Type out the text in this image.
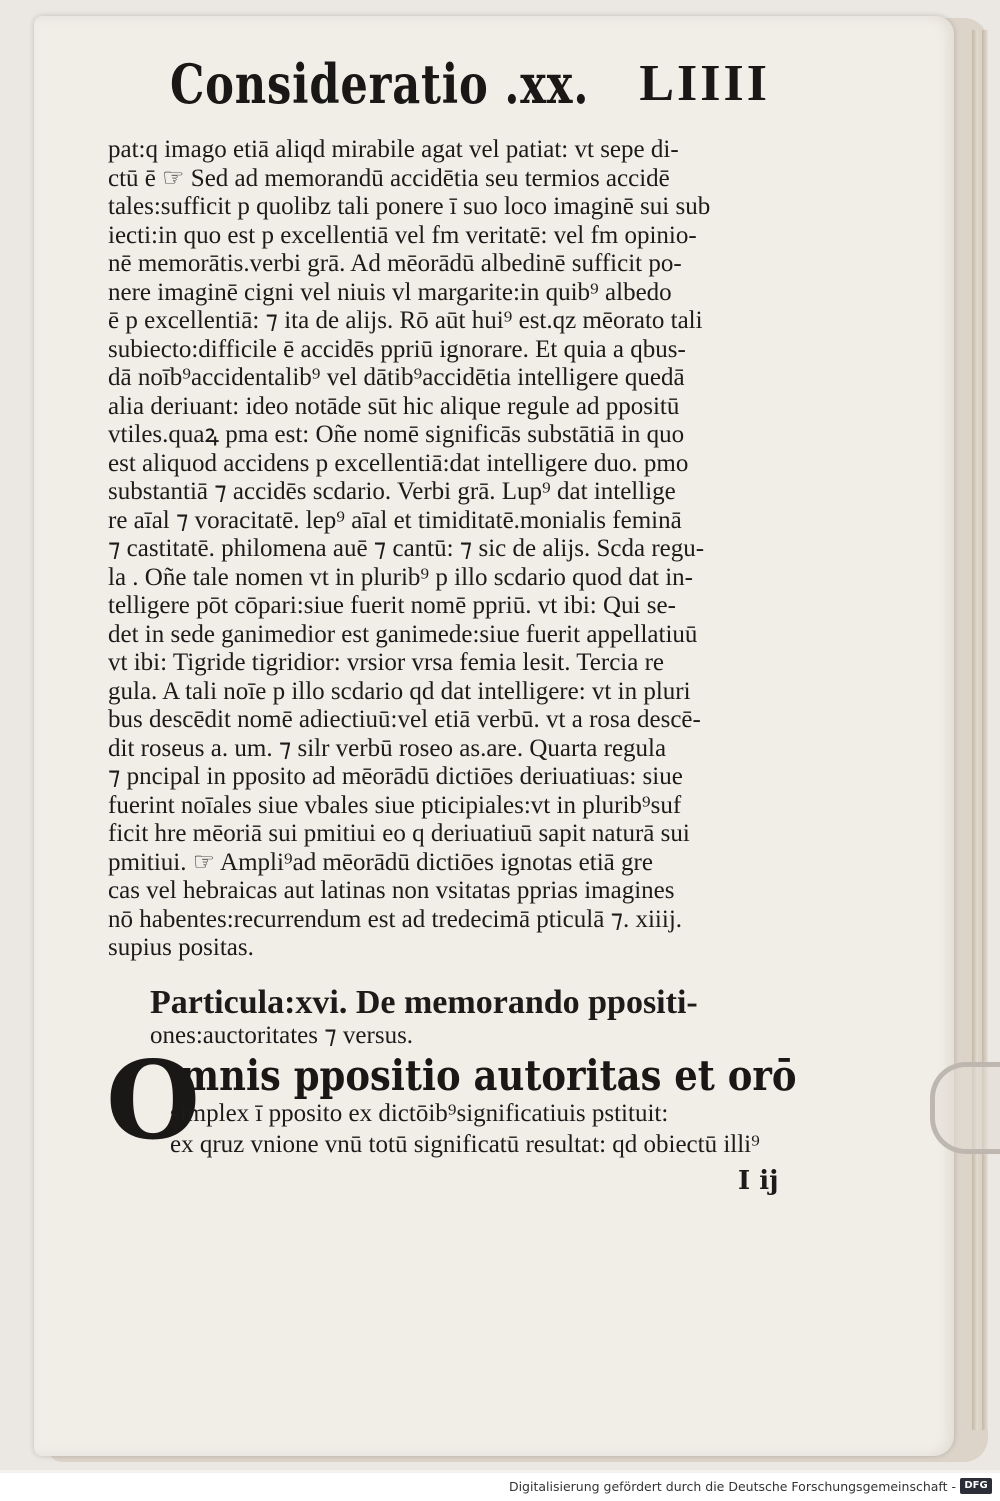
Consideratio .xx. LIIII
pat:q imago etiā aliqd mirabile agat vel patiat: vt sepe di-
ctū ē ☞ Sed ad memorandū accidētia seu termios accidē
tales:sufficit p quolibz tali ponere ī suo loco imaginē sui sub
iecti:in quo est p excellentiā vel fm veritatē: vel fm opinio-
nē memorātis.verbi grā. Ad mēorādū albedinē sufficit po-
nere imaginē cigni vel niuis vl margarite:in quib⁹ albedo
ē p excellentiā: ⁊ ita de alijs. Rō aūt hui⁹ est.qz mēorato tali
subiecto:difficile ē accidēs ppriū ignorare. Et quia a qbus-
dā noīb⁹accidentalib⁹ vel dātib⁹accidētia intelligere quedā
alia deriuant: ideo notāde sūt hic alique regule ad ppositū
vtiles.quaꝝ pma est: Oñe nomē significās substātiā in quo
est aliquod accidens p excellentiā:dat intelligere duo. pmo
substantiā ⁊ accidēs scdario. Verbi grā. Lup⁹ dat intellige
re aīal ⁊ voracitatē. lep⁹ aīal et timiditatē.monialis feminā
⁊ castitatē. philomena auē ⁊ cantū: ⁊ sic de alijs. Scda regu-
la . Oñe tale nomen vt in plurib⁹ p illo scdario quod dat in-
telligere pōt cōpari:siue fuerit nomē ppriū. vt ibi: Qui se-
det in sede ganimedior est ganimede:siue fuerit appellatiuū
vt ibi: Tigride tigridior: vrsior vrsa femia lesit. Tercia re
gula. A tali noīe p illo scdario qd dat intelligere: vt in pluri
bus descēdit nomē adiectiuū:vel etiā verbū. vt a rosa descē-
dit roseus a. um. ⁊ silr verbū roseo as.are. Quarta regula
⁊ pncipal in pposito ad mēorādū dictiōes deriuatiuas: siue
fuerint noīales siue vbales siue pticipiales:vt in plurib⁹suf
ficit hre mēoriā sui pmitiui eo q deriuatiuū sapit naturā sui
pmitiui. ☞ Ampli⁹ad mēorādū dictiōes ignotas etiā gre
cas vel hebraicas aut latinas non vsitatas pprias imagines
nō habentes:recurrendum est ad tredecimā pticulā ⁊. xiiij.
supius positas.
Particula:xvi. De memorando ppositi-
ones:auctoritates ⁊ versus.
O
mnis ppositio autoritas et orō
simplex ī pposito ex dictōib⁹significatiuis pstituit:
ex qruz vnione vnū totū significatū resultat: qd obiectū illi⁹
I ij
Digitalisierung gefördert durch die Deutsche Forschungsgemeinschaft - DFG
